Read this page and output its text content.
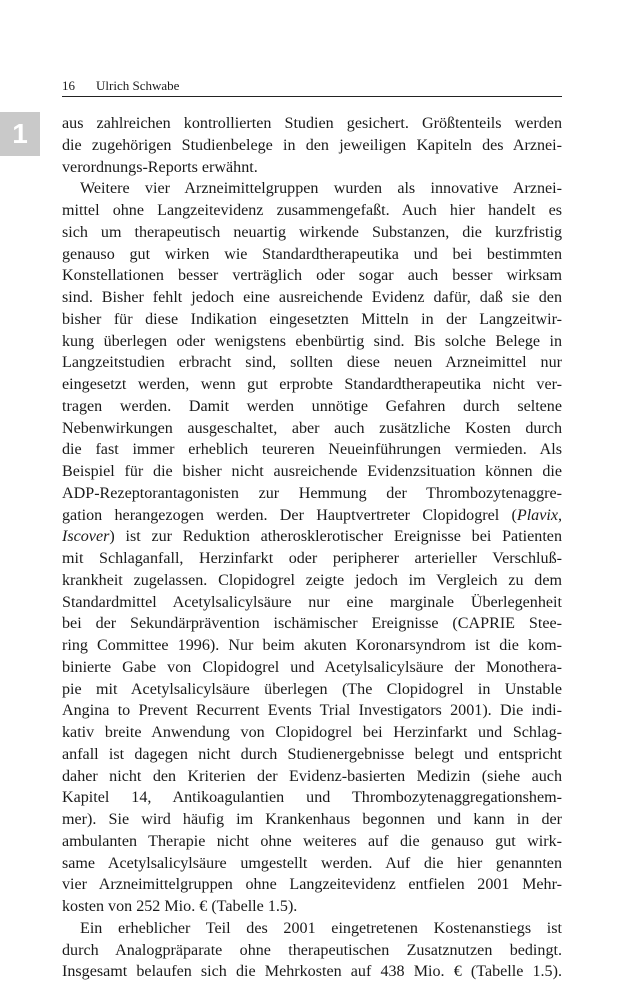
16 Ulrich Schwabe
1	aus zahlreichen kontrollierten Studien gesichert. Größtenteils werden
die zugehörigen Studienbelege in den jeweiligen Kapiteln des Arznei-
verordnungs-Reports erwähnt.
Weitere vier Arzneimittelgruppen wurden als innovative Arznei-
mittel ohne Langzeitevidenz zusammengefaßt. Auch hier handelt es
sich um therapeutisch neuartig wirkende Substanzen, die kurzfristig
genauso gut wirken wie Standardtherapeutika und bei bestimmten
Konstellationen besser verträglich oder sogar auch besser wirksam
sind. Bisher fehlt jedoch eine ausreichende Evidenz dafür, daß sie den
bisher für diese Indikation eingesetzten Mitteln in der Langzeitwir-
kung überlegen oder wenigstens ebenbürtig sind. Bis solche Belege in
Langzeitstudien erbracht sind, sollten diese neuen Arzneimittel nur
eingesetzt werden, wenn gut erprobte Standardtherapeutika nicht ver-
tragen werden. Damit werden unnötige Gefahren durch seltene
Nebenwirkungen ausgeschaltet, aber auch zusätzliche Kosten durch
die fast immer erheblich teureren Neueinführungen vermieden. Als
Beispiel für die bisher nicht ausreichende Evidenzsituation können die
ADP-Rezeptorantagonisten zur Hemmung der Thrombozytenaggre-
gation herangezogen werden. Der Hauptvertreter Clopidogrel (Plavix,
Iscover) ist zur Reduktion atherosklerotischer Ereignisse bei Patienten
mit Schlaganfall, Herzinfarkt oder peripherer arterieller Verschluß-
krankheit zugelassen. Clopidogrel zeigte jedoch im Vergleich zu dem
Standardmittel Acetylsalicylsäure nur eine marginale Überlegenheit
bei der Sekundärprävention ischämischer Ereignisse (CAPRIE Stee-
ring Committee 1996). Nur beim akuten Koronarsyndrom ist die kom-
binierte Gabe von Clopidogrel und Acetylsalicylsäure der Monothera-
pie mit Acetylsalicylsäure überlegen (The Clopidogrel in Unstable
Angina to Prevent Recurrent Events Trial Investigators 2001). Die indi-
kativ breite Anwendung von Clopidogrel bei Herzinfarkt und Schlag-
anfall ist dagegen nicht durch Studienergebnisse belegt und entspricht
daher nicht den Kriterien der Evidenz-basierten Medizin (siehe auch
Kapitel 14, Antikoagulantien und Thrombozytenaggregationshem-
mer). Sie wird häufig im Krankenhaus begonnen und kann in der
ambulanten Therapie nicht ohne weiteres auf die genauso gut wirk-
same Acetylsalicylsäure umgestellt werden. Auf die hier genannten
vier Arzneimittelgruppen ohne Langzeitevidenz entfielen 2001 Mehr-
kosten von 252 Mio. € (Tabelle 1.5).
Ein erheblicher Teil des 2001 eingetretenen Kostenanstiegs ist
durch Analogpräparate ohne therapeutischen Zusatznutzen bedingt.
Insgesamt belaufen sich die Mehrkosten auf 438 Mio. € (Tabelle 1.5).
